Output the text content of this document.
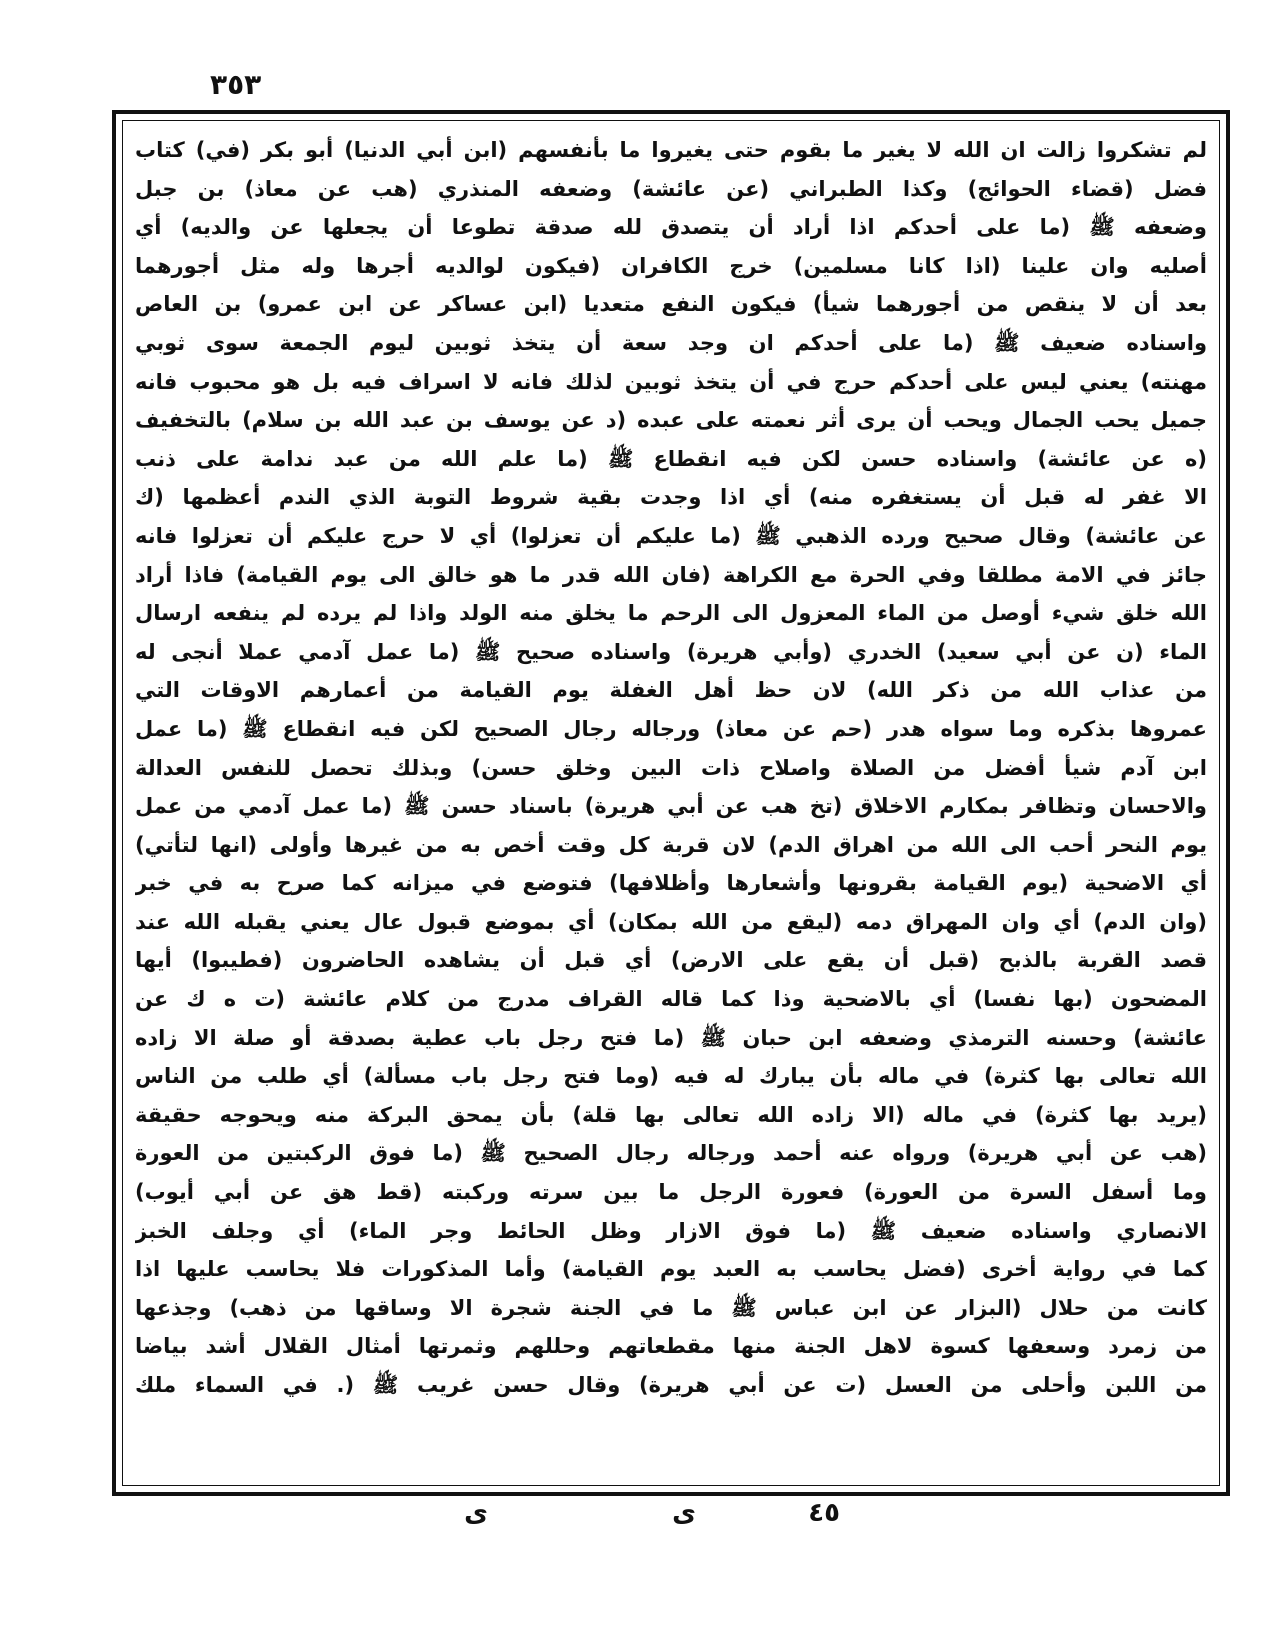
٣٥٣
لم تشكروا زالت ان الله لا يغير ما بقوم حتى يغيروا ما بأنفسهم (ابن أبي الدنيا) أبو بكر (في) كتاب
فضل (قضاء الحوائج) وكذا الطبراني (عن عائشة) وضعفه المنذري (هب عن معاذ) بن جبل
وضعفه ﷺ (ما على أحدكم اذا أراد أن يتصدق لله صدقة تطوعا أن يجعلها عن والديه) أي
أصليه وان علينا (اذا كانا مسلمين) خرج الكافران (فيكون لوالديه أجرها وله مثل أجورهما
بعد أن لا ينقص من أجورهما شيأ) فيكون النفع متعديا (ابن عساكر عن ابن عمرو) بن العاص
واسناده ضعيف ﷺ (ما على أحدكم ان وجد سعة أن يتخذ ثوبين ليوم الجمعة سوى ثوبي
مهنته) يعني ليس على أحدكم حرج في أن يتخذ ثوبين لذلك فانه لا اسراف فيه بل هو محبوب فانه
جميل يحب الجمال ويحب أن يرى أثر نعمته على عبده (د عن يوسف بن عبد الله بن سلام) بالتخفيف
(ه عن عائشة) واسناده حسن لكن فيه انقطاع ﷺ (ما علم الله من عبد ندامة على ذنب
الا غفر له قبل أن يستغفره منه) أي اذا وجدت بقية شروط التوبة الذي الندم أعظمها (ك
عن عائشة) وقال صحيح ورده الذهبي ﷺ (ما عليكم أن تعزلوا) أي لا حرج عليكم أن تعزلوا فانه
جائز في الامة مطلقا وفي الحرة مع الكراهة (فان الله قدر ما هو خالق الى يوم القيامة) فاذا أراد
الله خلق شيء أوصل من الماء المعزول الى الرحم ما يخلق منه الولد واذا لم يرده لم ينفعه ارسال
الماء (ن عن أبي سعيد) الخدري (وأبي هريرة) واسناده صحيح ﷺ (ما عمل آدمي عملا أنجى له
من عذاب الله من ذكر الله) لان حظ أهل الغفلة يوم القيامة من أعمارهم الاوقات التي
عمروها بذكره وما سواه هدر (حم عن معاذ) ورجاله رجال الصحيح لكن فيه انقطاع ﷺ (ما عمل
ابن آدم شيأ أفضل من الصلاة واصلاح ذات البين وخلق حسن) وبذلك تحصل للنفس العدالة
والاحسان وتظافر بمكارم الاخلاق (تخ هب عن أبي هريرة) باسناد حسن ﷺ (ما عمل آدمي من عمل
يوم النحر أحب الى الله من اهراق الدم) لان قربة كل وقت أخص به من غيرها وأولى (انها لتأتي)
أي الاضحية (يوم القيامة بقرونها وأشعارها وأظلافها) فتوضع في ميزانه كما صرح به في خبر
(وان الدم) أي وان المهراق دمه (ليقع من الله بمكان) أي بموضع قبول عال يعني يقبله الله عند
قصد القربة بالذبح (قبل أن يقع على الارض) أي قبل أن يشاهده الحاضرون (فطيبوا) أيها
المضحون (بها نفسا) أي بالاضحية وذا كما قاله القراف مدرج من كلام عائشة (ت ه ك عن
عائشة) وحسنه الترمذي وضعفه ابن حبان ﷺ (ما فتح رجل باب عطية بصدقة أو صلة الا زاده
الله تعالى بها كثرة) في ماله بأن يبارك له فيه (وما فتح رجل باب مسألة) أي طلب من الناس
(يريد بها كثرة) في ماله (الا زاده الله تعالى بها قلة) بأن يمحق البركة منه ويحوجه حقيقة
(هب عن أبي هريرة) ورواه عنه أحمد ورجاله رجال الصحيح ﷺ (ما فوق الركبتين من العورة
وما أسفل السرة من العورة) فعورة الرجل ما بين سرته وركبته (قط هق عن أبي أيوب)
الانصاري واسناده ضعيف ﷺ (ما فوق الازار وظل الحائط وجر الماء) أي وجلف الخبز
كما في رواية أخرى (فضل يحاسب به العبد يوم القيامة) وأما المذكورات فلا يحاسب عليها اذا
كانت من حلال (البزار عن ابن عباس ﷺ ما في الجنة شجرة الا وساقها من ذهب) وجذعها
من زمرد وسعفها كسوة لاهل الجنة منها مقطعاتهم وحللهم وثمرتها أمثال القلال أشد بياضا
من اللبن وأحلى من العسل (ت عن أبي هريرة) وقال حسن غريب ﷺ (. في السماء ملك
٤٥
ى
ى
